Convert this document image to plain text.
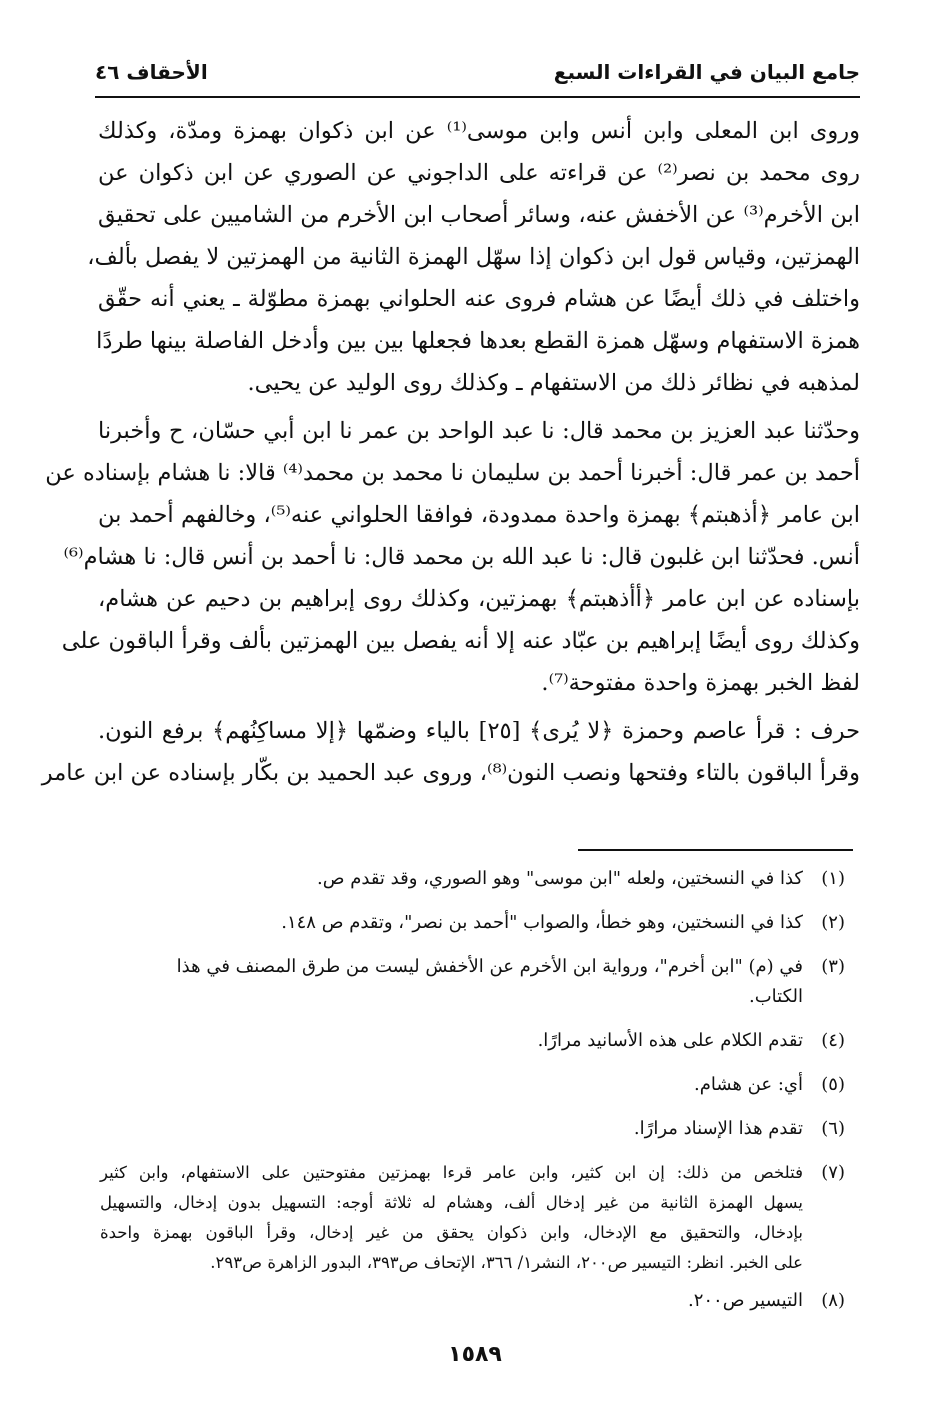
جامع البيان في القراءات السبع
الأحقاف ٤٦
وروى ابن المعلى وابن أنس وابن موسى⁽¹⁾ عن ابن ذكوان بهمزة ومدّة، وكذلك
روى محمد بن نصر⁽²⁾ عن قراءته على الداجوني عن الصوري عن ابن ذكوان عن
ابن الأخرم⁽³⁾ عن الأخفش عنه، وسائر أصحاب ابن الأخرم من الشاميين على تحقيق
الهمزتين، وقياس قول ابن ذكوان إذا سهّل الهمزة الثانية من الهمزتين لا يفصل بألف،
واختلف في ذلك أيضًا عن هشام فروى عنه الحلواني بهمزة مطوّلة ـ يعني أنه حقّق
همزة الاستفهام وسهّل همزة القطع بعدها فجعلها بين بين وأدخل الفاصلة بينها طردًا
لمذهبه في نظائر ذلك من الاستفهام ـ وكذلك روى الوليد عن يحيى.
وحدّثنا عبد العزيز بن محمد قال: نا عبد الواحد بن عمر نا ابن أبي حسّان، ح وأخبرنا
أحمد بن عمر قال: أخبرنا أحمد بن سليمان نا محمد بن محمد⁽⁴⁾ قالا: نا هشام بإسناده عن
ابن عامر ﴿أذهبتم﴾ بهمزة واحدة ممدودة، فوافقا الحلواني عنه⁽⁵⁾، وخالفهم أحمد بن
أنس. فحدّثنا ابن غلبون قال: نا عبد الله بن محمد قال: نا أحمد بن أنس قال: نا هشام⁽⁶⁾
بإسناده عن ابن عامر ﴿أأذهبتم﴾ بهمزتين، وكذلك روى إبراهيم بن دحيم عن هشام،
وكذلك روى أيضًا إبراهيم بن عبّاد عنه إلا أنه يفصل بين الهمزتين بألف وقرأ الباقون على
لفظ الخبر بهمزة واحدة مفتوحة⁽⁷⁾.
حرف : قرأ عاصم وحمزة ﴿لا يُرى﴾ [٢٥] بالياء وضمّها ﴿إلا مساكِنُهم﴾ برفع النون.
وقرأ الباقون بالتاء وفتحها ونصب النون⁽⁸⁾، وروى عبد الحميد بن بكّار بإسناده عن ابن عامر
(١)
كذا في النسختين، ولعله "ابن موسى" وهو الصوري، وقد تقدم ص.
(٢)
كذا في النسختين، وهو خطأ، والصواب "أحمد بن نصر"، وتقدم ص ١٤٨.
(٣)
في (م) "ابن أخرم"، ورواية ابن الأخرم عن الأخفش ليست من طرق المصنف في هذا
الكتاب.
(٤)
تقدم الكلام على هذه الأسانيد مرارًا.
(٥)
أي: عن هشام.
(٦)
تقدم هذا الإسناد مرارًا.
(٧)
فتلخص من ذلك: إن ابن كثير، وابن عامر قرءا بهمزتين مفتوحتين على الاستفهام، وابن كثير
يسهل الهمزة الثانية من غير إدخال ألف، وهشام له ثلاثة أوجه: التسهيل بدون إدخال، والتسهيل
بإدخال، والتحقيق مع الإدخال، وابن ذكوان يحقق من غير إدخال، وقرأ الباقون بهمزة واحدة
على الخبر. انظر: التيسير ص٢٠٠، النشر١/ ٣٦٦، الإتحاف ص٣٩٣، البدور الزاهرة ص٢٩٣.
(٨)
التيسير ص٢٠٠.
١٥٨٩
